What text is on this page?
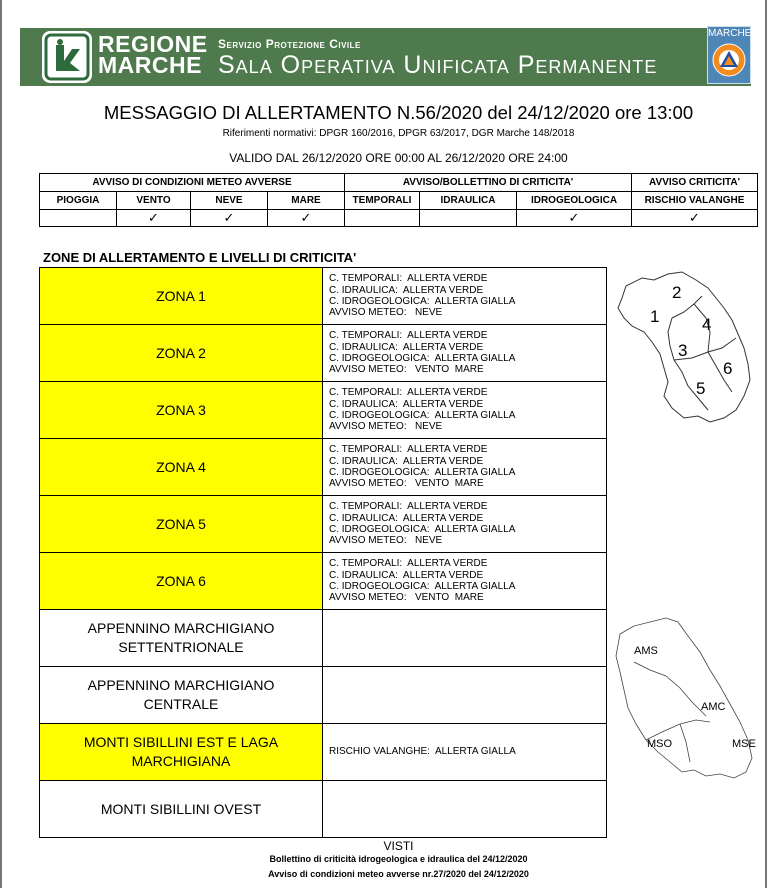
REGIONE
MARCHE
Servizio Protezione Civile
Sala Operativa Unificata Permanente
MARCHE
MESSAGGIO DI ALLERTAMENTO N.56/2020 del 24/12/2020 ore 13:00
Riferimenti normativi: DPGR 160/2016, DPGR 63/2017, DGR Marche 148/2018
VALIDO DAL 26/12/2020 ORE 00:00 AL 26/12/2020 ORE 24:00
AVVISO DI CONDIZIONI METEO AVVERSE				AVVISO/BOLLETTINO DI CRITICITA'			AVVISO CRITICITA'
PIOGGIA	VENTO	NEVE	MARE	TEMPORALI	IDRAULICA	IDROGEOLOGICA	RISCHIO VALANGHE
	✓	✓	✓			✓	✓
ZONE DI ALLERTAMENTO E LIVELLI DI CRITICITA'
ZONA 1	C. TEMPORALI:  ALLERTA VERDE
C. IDRAULICA:  ALLERTA VERDE
C. IDROGEOLOGICA:  ALLERTA GIALLA
AVVISO METEO:   NEVE

ZONA 2	C. TEMPORALI:  ALLERTA VERDE
C. IDRAULICA:  ALLERTA VERDE
C. IDROGEOLOGICA:  ALLERTA GIALLA
AVVISO METEO:   VENTO  MARE

ZONA 3	C. TEMPORALI:  ALLERTA VERDE
C. IDRAULICA:  ALLERTA VERDE
C. IDROGEOLOGICA:  ALLERTA GIALLA
AVVISO METEO:   NEVE

ZONA 4	C. TEMPORALI:  ALLERTA VERDE
C. IDRAULICA:  ALLERTA VERDE
C. IDROGEOLOGICA:  ALLERTA GIALLA
AVVISO METEO:   VENTO  MARE

ZONA 5	C. TEMPORALI:  ALLERTA VERDE
C. IDRAULICA:  ALLERTA VERDE
C. IDROGEOLOGICA:  ALLERTA GIALLA
AVVISO METEO:   NEVE

ZONA 6	C. TEMPORALI:  ALLERTA VERDE
C. IDRAULICA:  ALLERTA VERDE
C. IDROGEOLOGICA:  ALLERTA GIALLA
AVVISO METEO:   VENTO  MARE

APPENNINO MARCHIGIANO
SETTENTRIONALE	

APPENNINO MARCHIGIANO
CENTRALE	

MONTI SIBILLINI EST E LAGA
MARCHIGIANA	RISCHIO VALANGHE:  ALLERTA GIALLA

MONTI SIBILLINI OVEST	
2
1	4
3
6
5
AMS
AMC
MSO	MSE
VISTI
Bollettino di criticità idrogeologica e idraulica del 24/12/2020
Avviso di condizioni meteo avverse nr.27/2020 del 24/12/2020
